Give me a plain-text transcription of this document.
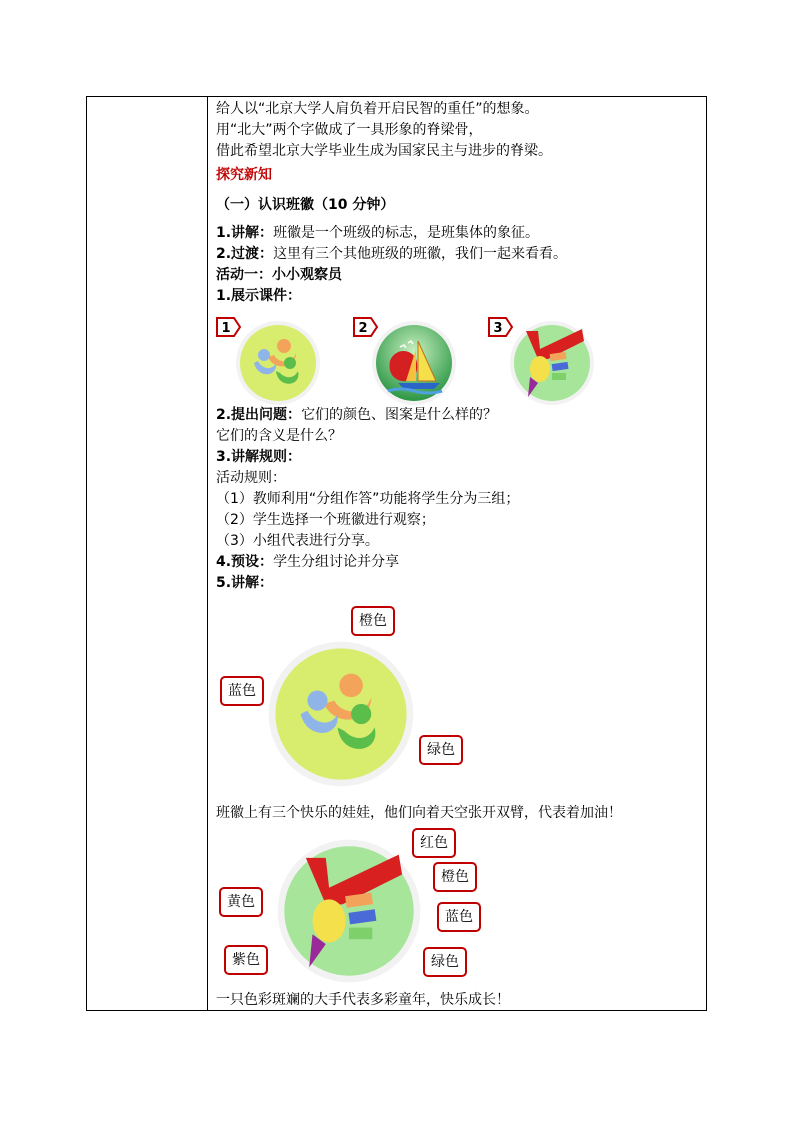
给人以“北京大学人肩负着开启民智的重任”的想象。
用“北大”两个字做成了一具形象的脊梁骨，
借此希望北京大学毕业生成为国家民主与进步的脊梁。
探究新知
（一）认识班徽（10 分钟）
1.讲解：班徽是一个班级的标志，是班集体的象征。
2.过渡：这里有三个其他班级的班徽，我们一起来看看。
活动一：小小观察员
1.展示课件：
1	2	3
2.提出问题：它们的颜色、图案是什么样的？
它们的含义是什么？
3.讲解规则：
活动规则：
（1）教师利用“分组作答”功能将学生分为三组；
（2）学生选择一个班徽进行观察；
（3）小组代表进行分享。
4.预设：学生分组讨论并分享
5.讲解：
橙色
蓝色
绿色
班徽上有三个快乐的娃娃，他们向着天空张开双臂，代表着加油！
红色
橙色
黄色
蓝色
紫色	绿色
一只色彩斑斓的大手代表多彩童年，快乐成长！
